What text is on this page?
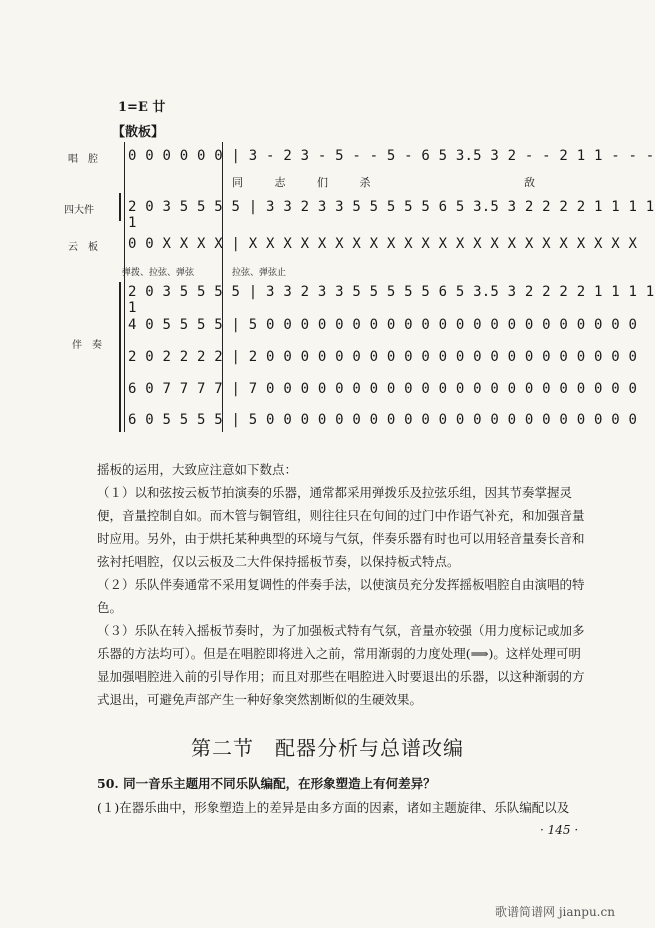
1=E 廿
【散板】
唱　腔 0 0 0 0 0 0 | 3 - 2 3 - 5 - - 5 - 6 5 3.5 3 2 - - 2 1 1 - - -
同 志 们 杀	敌
四大件 2 0 3 5 5 5 5 | 3 3 2 3 3 5 5 5 5 5 6 5 3.5 3 2 2 2 2 1 1 1 1 1
云　板 0 0 X X X X | X X X X X X X X X X X X X X X X X X X X X X X
弹拨、拉弦、弹弦	拉弦、弹弦止
2 0 3 5 5 5 5 | 3 3 2 3 3 5 5 5 5 5 6 5 3.5 3 2 2 2 2 1 1 1 1 1
4 0 5 5 5 5 | 5 0 0 0 0 0 0 0 0 0 0 0 0 0 0 0 0 0 0 0 0 0 0
伴　奏
2 0 2 2 2 2 | 2 0 0 0 0 0 0 0 0 0 0 0 0 0 0 0 0 0 0 0 0 0 0
6 0 7 7 7 7 | 7 0 0 0 0 0 0 0 0 0 0 0 0 0 0 0 0 0 0 0 0 0 0
6 0 5 5 5 5 | 5 0 0 0 0 0 0 0 0 0 0 0 0 0 0 0 0 0 0 0 0 0 0
摇板的运用，大致应注意如下数点：
（１）以和弦按云板节拍演奏的乐器，通常都采用弹拨乐及拉弦乐组，因其节奏掌握灵便，音量控制自如。而木管与铜管组，则往往只在句间的过门中作语气补充，和加强音量时应用。另外，由于烘托某种典型的环境与气氛，伴奏乐器有时也可以用轻音量奏长音和弦衬托唱腔，仅以云板及二大件保持摇板节奏，以保持板式特点。
（２）乐队伴奏通常不采用复调性的伴奏手法，以使演员充分发挥摇板唱腔自由演唱的特色。
（３）乐队在转入摇板节奏时，为了加强板式特有气氛，音量亦较强（用力度标记或加多乐器的方法均可）。但是在唱腔即将进入之前，常用渐弱的力度处理(⟹)。这样处理可明显加强唱腔进入前的引导作用；而且对那些在唱腔进入时要退出的乐器，以这种渐弱的方式退出，可避免声部产生一种好象突然割断似的生硬效果。
第二节　配器分析与总谱改编
50. 同一音乐主题用不同乐队编配，在形象塑造上有何差异？
(１)在器乐曲中，形象塑造上的差异是由多方面的因素，诸如主题旋律、乐队编配以及
· 145 ·
歌谱简谱网 jianpu.cn
